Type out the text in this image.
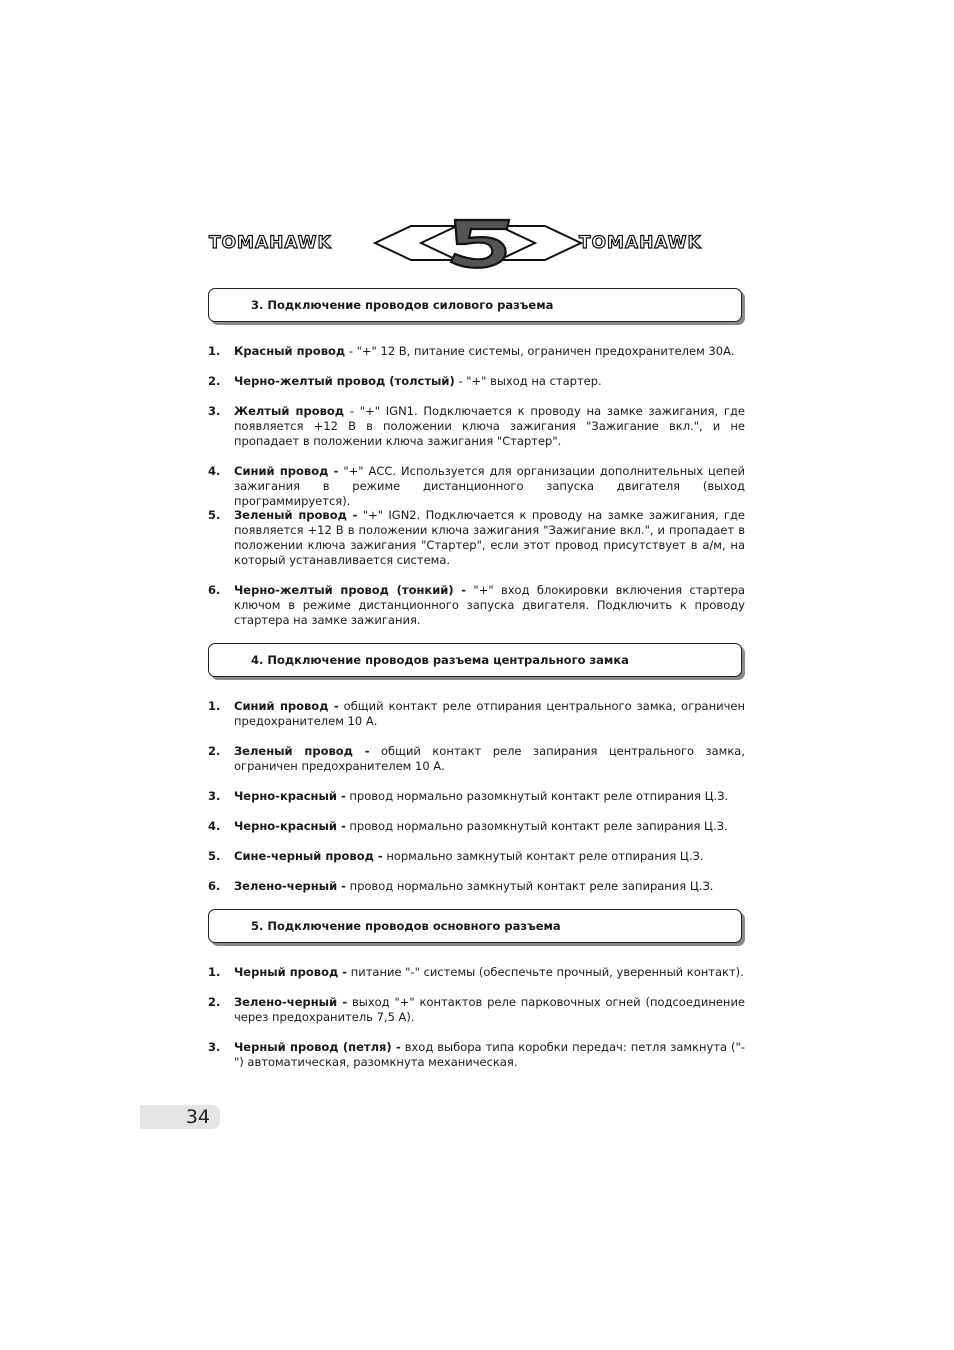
TOMAHAWK	TOMAHAWK
3. Подключение проводов силового разъема
1. Красный провод - "+" 12 В, питание системы, ограничен предохранителем 30А.
2. Черно-желтый провод (толстый) - "+" выход на стартер.
3. Желтый провод - "+" IGN1. Подключается к проводу на замке зажигания, где появляется +12 В в положении ключа зажигания "Зажигание вкл.", и не пропадает в положении ключа зажигания "Стартер".
4. Синий провод - "+" АСС. Используется для организации дополнительных цепей зажигания в режиме дистанционного запуска двигателя (выход программируется).
5. Зеленый провод - "+" IGN2. Подключается к проводу на замке зажигания, где появляется +12 В в положении ключа зажигания "Зажигание вкл.", и пропадает в положении ключа зажигания "Стартер", если этот провод присутствует в а/м, на который устанавливается система.
6. Черно-желтый провод (тонкий) - "+" вход блокировки включения стартера ключом в режиме дистанционного запуска двигателя. Подключить к проводу стартера на замке зажигания.
4. Подключение проводов разъема центрального замка
1. Синий провод - общий контакт реле отпирания центрального замка, ограничен предохранителем 10 А.
2. Зеленый провод - общий контакт реле запирания центрального замка, ограничен предохранителем 10 А.
3. Черно-красный - провод нормально разомкнутый контакт реле отпирания Ц.З.
4. Черно-красный - провод нормально разомкнутый контакт реле запирания Ц.З.
5. Сине-черный провод - нормально замкнутый контакт реле отпирания Ц.З.
6. Зелено-черный - провод нормально замкнутый контакт реле запирания Ц.З.
5. Подключение проводов основного разъема
1. Черный провод - питание "-" системы (обеспечьте прочный, уверенный контакт).
2. Зелено-черный - выход "+" контактов реле парковочных огней (подсоединение через предохранитель 7,5 А).
3. Черный провод (петля) - вход выбора типа коробки передач: петля замкнута ("-") автоматическая, разомкнута механическая.
34
